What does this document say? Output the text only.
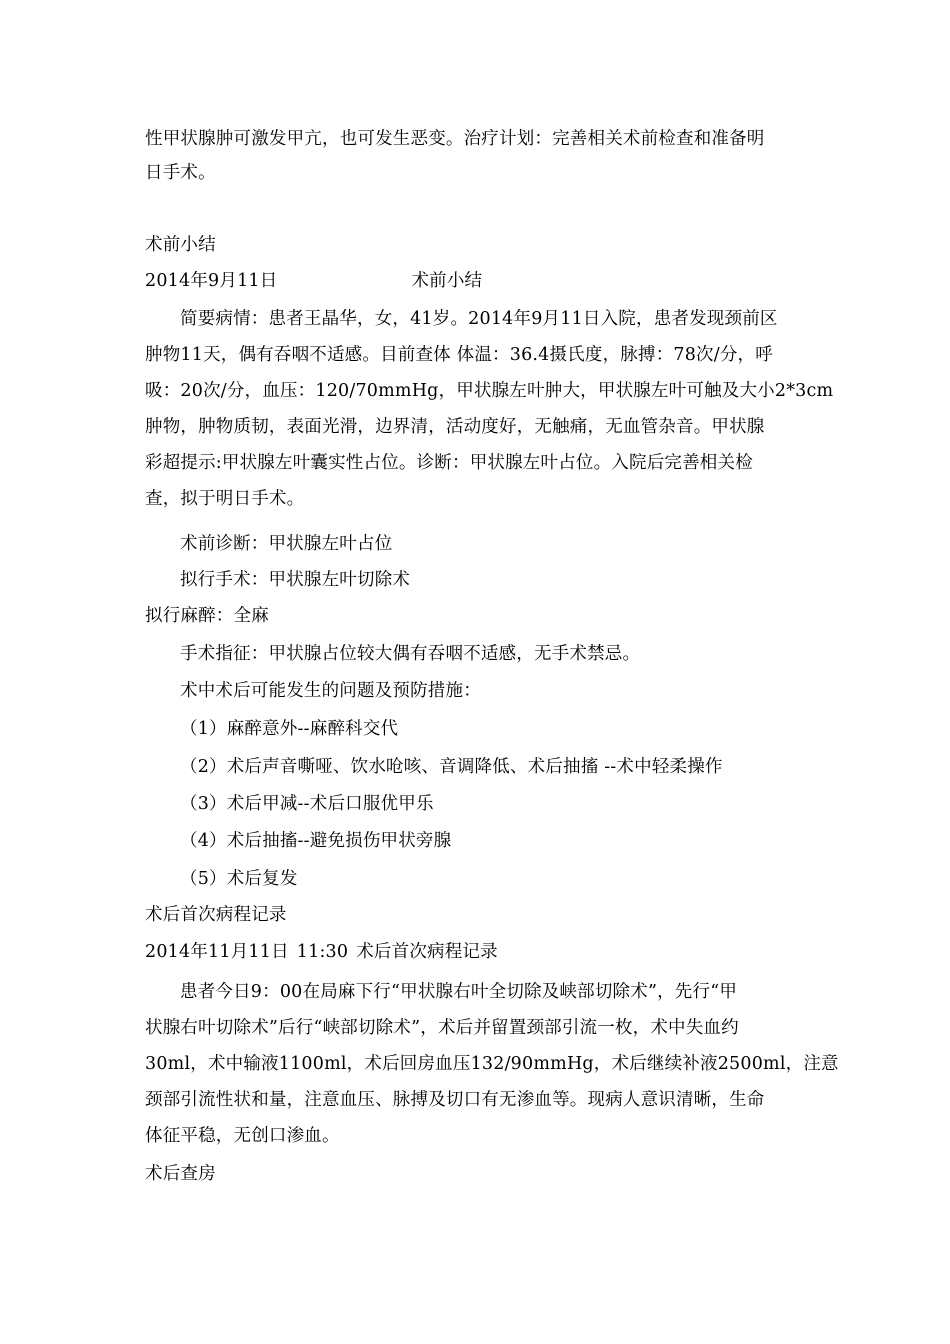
性甲状腺肿可激发甲亢，也可发生恶变。治疗计划：完善相关术前检查和准备明
日手术。
术前小结
2014年9月11日	术前小结
简要病情：患者王晶华，女，41岁。2014年9月11日入院，患者发现颈前区
肿物11天，偶有吞咽不适感。目前查体 体温：36.4摄氏度，脉搏：78次/分，呼
吸：20次/分，血压：120/70mmHg，甲状腺左叶肿大，甲状腺左叶可触及大小2*3cm
肿物，肿物质韧，表面光滑，边界清，活动度好，无触痛，无血管杂音。甲状腺
彩超提示:甲状腺左叶囊实性占位。诊断：甲状腺左叶占位。入院后完善相关检
查，拟于明日手术。
术前诊断：甲状腺左叶占位
拟行手术：甲状腺左叶切除术
拟行麻醉：全麻
手术指征：甲状腺占位较大偶有吞咽不适感，无手术禁忌。
术中术后可能发生的问题及预防措施：
（1）麻醉意外--麻醉科交代
（2）术后声音嘶哑、饮水呛咳、音调降低、术后抽搐 --术中轻柔操作
（3）术后甲减--术后口服优甲乐
（4）术后抽搐--避免损伤甲状旁腺
（5）术后复发
术后首次病程记录
2014年11月11日 11:30 术后首次病程记录
患者今日9：00在局麻下行“甲状腺右叶全切除及峡部切除术”，先行“甲
状腺右叶切除术”后行“峡部切除术”，术后并留置颈部引流一枚，术中失血约
30ml，术中输液1100ml，术后回房血压132/90mmHg，术后继续补液2500ml，注意
颈部引流性状和量，注意血压、脉搏及切口有无渗血等。现病人意识清晰，生命
体征平稳，无创口渗血。
术后查房
